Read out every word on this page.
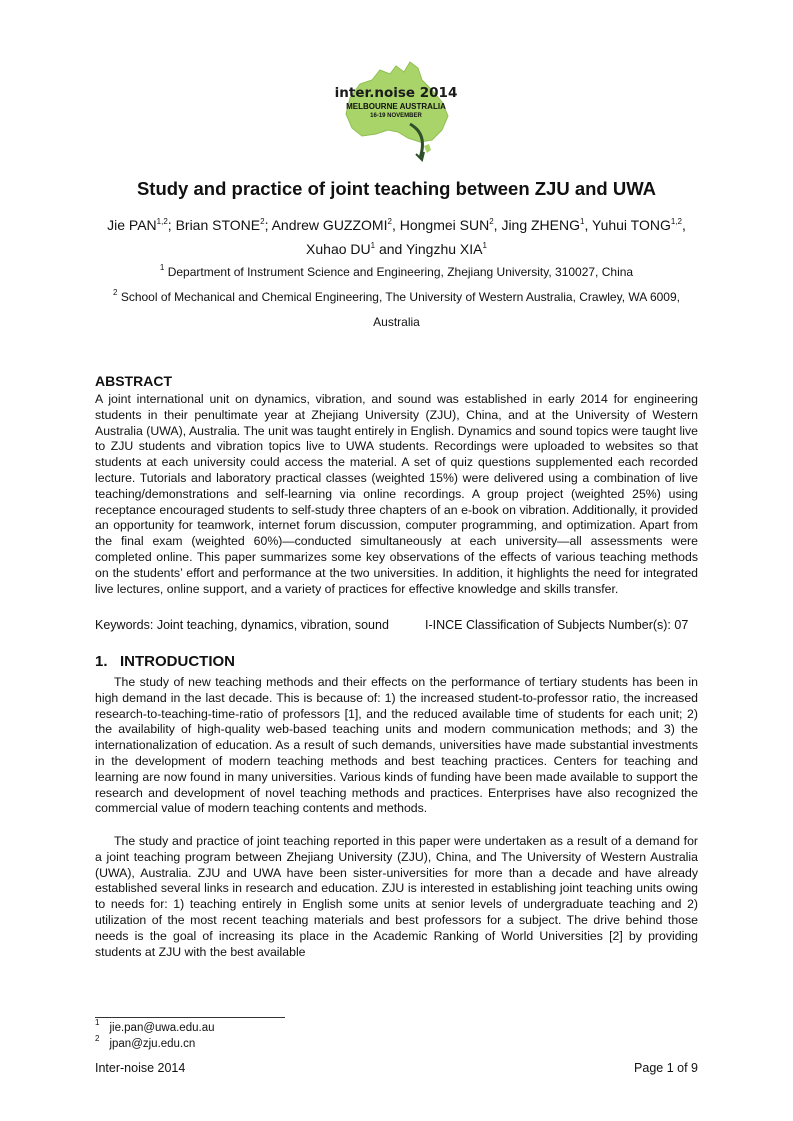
inter.noise 2014
MELBOURNE AUSTRALIA
16-19 NOVEMBER
Study and practice of joint teaching between ZJU and UWA
Jie PAN$^{1,2}$; Brian STONE$^2$; Andrew GUZZOMI$^2$, Hongmei SUN$^2$, Jing ZHENG$^1$, Yuhui TONG$^{1,2}$,
Xuhao $DU^1$ and Yingzhu XIA$^1$
$^1$ Department of Instrument Science and Engineering, Zhejiang University, 310027, China
$^2$ School of Mechanical and Chemical Engineering, The University of Western Australia, Crawley, WA 6009,
Australia
ABSTRACT
A joint international unit on dynamics, vibration, and sound was established in early 2014 for engineering students in their penultimate year at Zhejiang University (ZJU), China, and at the University of Western Australia (UWA), Australia. The unit was taught entirely in English. Dynamics and sound topics were taught live to ZJU students and vibration topics live to UWA students. Recordings were uploaded to websites so that students at each university could access the material. A set of quiz questions supplemented each recorded lecture. Tutorials and laboratory practical classes (weighted 15%) were delivered using a combination of live teaching/demonstrations and self-learning via online recordings. A group project (weighted 25%) using receptance encouraged students to self-study three chapters of an e-book on vibration. Additionally, it provided an opportunity for teamwork, internet forum discussion, computer programming, and optimization. Apart from the final exam (weighted 60%)—conducted simultaneously at each university—all assessments were completed online. This paper summarizes some key observations of the effects of various teaching methods on the students’ effort and performance at the two universities. In addition, it highlights the need for integrated live lectures, online support, and a variety of practices for effective knowledge and skills transfer.
Keywords: Joint teaching, dynamics, vibration, sound	I-INCE Classification of Subjects Number(s): 07
1.   INTRODUCTION
The study of new teaching methods and their effects on the performance of tertiary students has been in high demand in the last decade. This is because of: 1) the increased student-to-professor ratio, the increased research-to-teaching-time-ratio of professors [1], and the reduced available time of students for each unit; 2) the availability of high-quality web-based teaching units and modern communication methods; and 3) the internationalization of education. As a result of such demands, universities have made substantial investments in the development of modern teaching methods and best teaching practices. Centers for teaching and learning are now found in many universities. Various kinds of funding have been made available to support the research and development of novel teaching methods and practices. Enterprises have also recognized the commercial value of modern teaching contents and methods.
The study and practice of joint teaching reported in this paper were undertaken as a result of a demand for a joint teaching program between Zhejiang University (ZJU), China, and The University of Western Australia (UWA), Australia. ZJU and UWA have been sister-universities for more than a decade and have already established several links in research and education. ZJU is interested in establishing joint teaching units owing to needs for: 1) teaching entirely in English some units at senior levels of undergraduate teaching and 2) utilization of the most recent teaching materials and best professors for a subject. The drive behind those needs is the goal of increasing its place in the Academic Ranking of World Universities [2] by providing students at ZJU with the best available
$^1$ jie.pan@uwa.edu.au
$^2$ jpan@zju.edu.cn
Inter-noise 2014	Page 1 of 9
